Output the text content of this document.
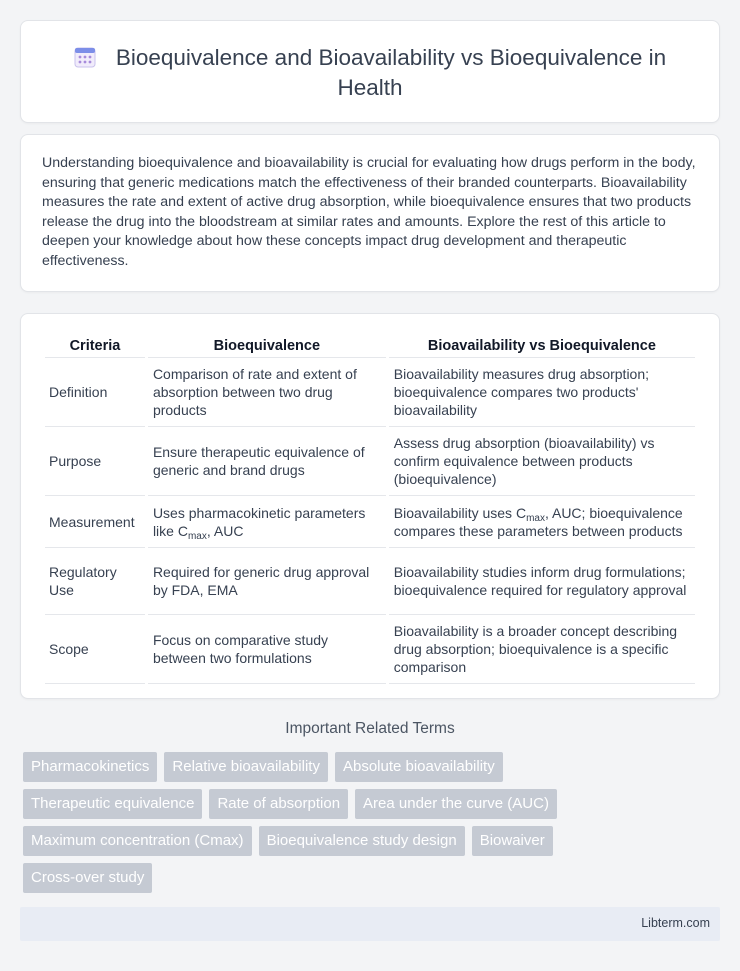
Bioequivalence and Bioavailability vs Bioequivalence in Health

Understanding bioequivalence and bioavailability is crucial for evaluating how drugs perform in the body, ensuring that generic medications match the effectiveness of their branded counterparts. Bioavailability measures the rate and extent of active drug absorption, while bioequivalence ensures that two products release the drug into the bloodstream at similar rates and amounts. Explore the rest of this article to deepen your knowledge about how these concepts impact drug development and therapeutic effectiveness.

Criteria	Bioequivalence	Bioavailability vs Bioequivalence
Definition	Comparison of rate and extent of absorption between two drug products	Bioavailability measures drug absorption; bioequivalence compares two products' bioavailability
Purpose	Ensure therapeutic equivalence of generic and brand drugs	Assess drug absorption (bioavailability) vs confirm equivalence between products (bioequivalence)
Measurement	Uses pharmacokinetic parameters like $C_{max}$, AUC	Bioavailability uses $C_{max}$, AUC; bioequivalence compares these parameters between products
Regulatory Use	Required for generic drug approval by FDA, EMA	Bioavailability studies inform drug formulations; bioequivalence required for regulatory approval
Scope	Focus on comparative study between two formulations	Bioavailability is a broader concept describing drug absorption; bioequivalence is a specific comparison
Important Related Terms
Pharmacokinetics	Relative bioavailability	Absolute bioavailability
Therapeutic equivalence	Rate of absorption	Area under the curve (AUC)
Maximum concentration (Cmax)	Bioequivalence study design	Biowaiver
Cross-over study
Libterm.com
